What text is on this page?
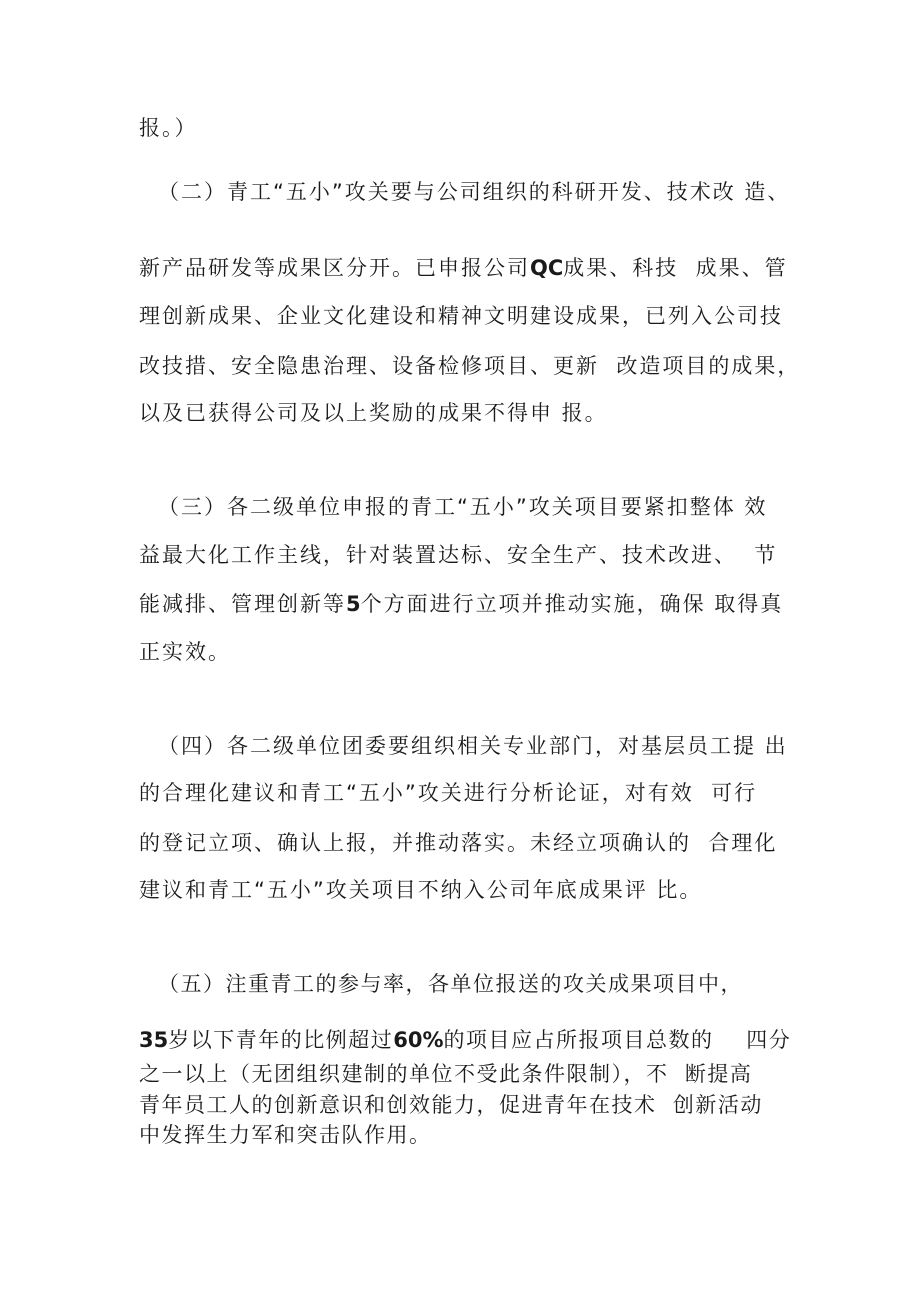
报。）
（二）青工“五小”攻关要与公司组织的科研开发、技术改 造、
新产品研发等成果区分开。已申报公司QC成果、科技  成果、管
理创新成果、企业文化建设和精神文明建设成果，已列入公司技
改技措、安全隐患治理、设备检修项目、更新  改造项目的成果，
以及已获得公司及以上奖励的成果不得申 报。
（三）各二级单位申报的青工“五小”攻关项目要紧扣整体 效
益最大化工作主线，针对装置达标、安全生产、技术改进、  节
能减排、管理创新等5个方面进行立项并推动实施，确保 取得真
正实效。
（四）各二级单位团委要组织相关专业部门，对基层员工提 出
的合理化建议和青工“五小”攻关进行分析论证，对有效  可行
的登记立项、确认上报，并推动落实。未经立项确认的  合理化
建议和青工“五小”攻关项目不纳入公司年底成果评 比。
（五）注重青工的参与率，各单位报送的攻关成果项目中，
35岁以下青年的比例超过60%的项目应占所报项目总数的    四分
之一以上（无团组织建制的单位不受此条件限制），不  断提高
青年员工人的创新意识和创效能力，促进青年在技术  创新活动
中发挥生力军和突击队作用。
